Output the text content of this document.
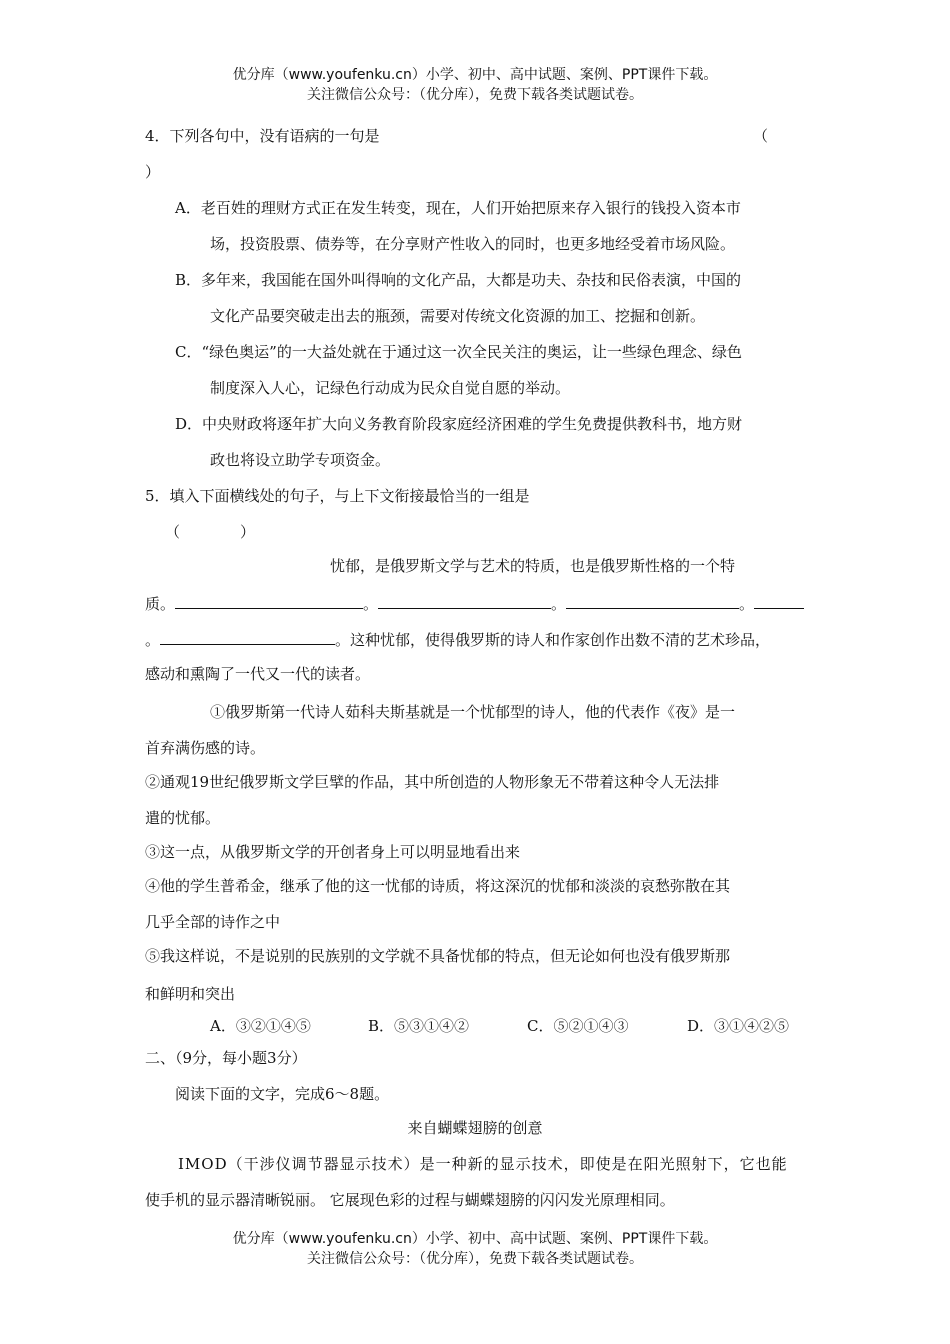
优分库（www.youfenku.cn）小学、初中、高中试题、案例、PPT课件下载。
关注微信公众号：（优分库），免费下载各类试题试卷。
4．下列各句中，没有语病的一句是	（
）
A．老百姓的理财方式正在发生转变，现在，人们开始把原来存入银行的钱投入资本市
场，投资股票、债券等，在分享财产性收入的同时，也更多地经受着市场风险。
B．多年来，我国能在国外叫得响的文化产品，大都是功夫、杂技和民俗表演，中国的
文化产品要突破走出去的瓶颈，需要对传统文化资源的加工、挖掘和创新。
C．“绿色奥运”的一大益处就在于通过这一次全民关注的奥运，让一些绿色理念、绿色
制度深入人心，记绿色行动成为民众自觉自愿的举动。
D．中央财政将逐年扩大向义务教育阶段家庭经济困难的学生免费提供教科书，地方财
政也将设立助学专项资金。
5．填入下面横线处的句子，与上下文衔接最恰当的一组是
（　　　　）
忧郁，是俄罗斯文学与艺术的特质，也是俄罗斯性格的一个特
质。	。	。	。
。	。这种忧郁，使得俄罗斯的诗人和作家创作出数不清的艺术珍品，
感动和熏陶了一代又一代的读者。
①俄罗斯第一代诗人茹科夫斯基就是一个忧郁型的诗人，他的代表作《夜》是一
首弃满伤感的诗。
②通观19世纪俄罗斯文学巨擘的作品，其中所创造的人物形象无不带着这种令人无法排
遣的忧郁。
③这一点，从俄罗斯文学的开创者身上可以明显地看出来
④他的学生普希金，继承了他的这一忧郁的诗质，将这深沉的忧郁和淡淡的哀愁弥散在其
几乎全部的诗作之中
⑤我这样说，不是说别的民族别的文学就不具备忧郁的特点，但无论如何也没有俄罗斯那
和鲜明和突出
A．③②①④⑤	B．⑤③①④②	C．⑤②①④③	D．③①④②⑤
二、（9分，每小题3分）
阅读下面的文字，完成6～8题。
来自蝴蝶翅膀的创意
IMOD（干涉仪调节器显示技术）是一种新的显示技术，即使是在阳光照射下，它也能
使手机的显示器清晰锐丽。 它展现色彩的过程与蝴蝶翅膀的闪闪发光原理相同。
优分库（www.youfenku.cn）小学、初中、高中试题、案例、PPT课件下载。
关注微信公众号：（优分库），免费下载各类试题试卷。
